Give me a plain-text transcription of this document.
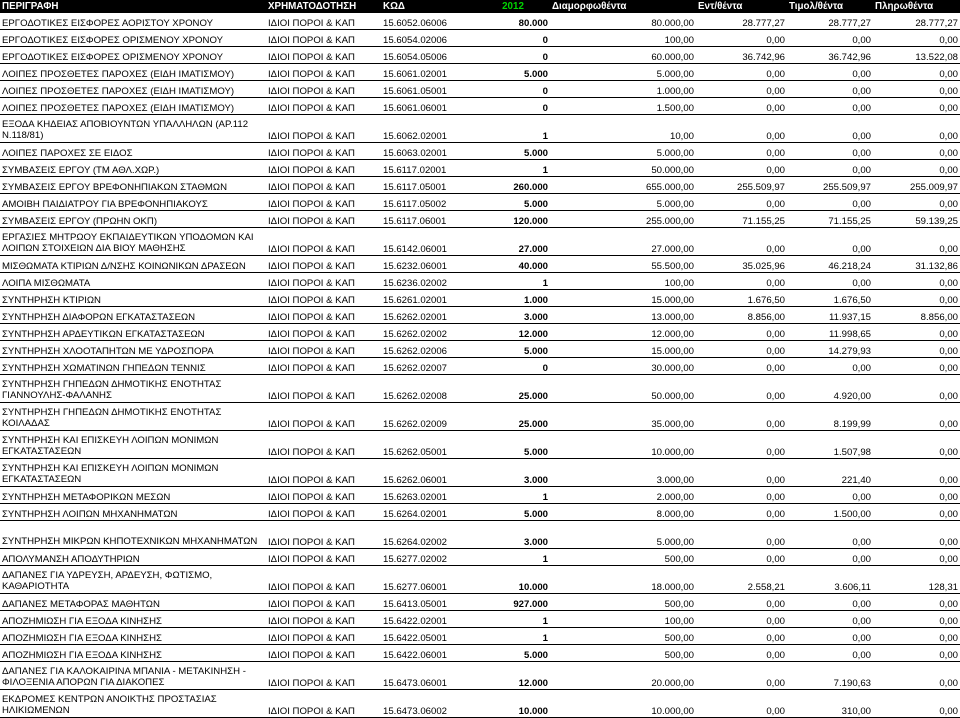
ΠΕΡΙΓΡΑΦΗ	ΧΡΗΜΑΤΟΔΟΤΗΣΗ	ΚΩΔ	2012	Διαμορφωθέντα	Εντ/θέντα	Τιμολ/θέντα	Πληρωθέντα
ΕΡΓΟΔΟΤΙΚΕΣ ΕΙΣΦΟΡΕΣ ΑΟΡΙΣΤΟΥ ΧΡΟΝΟΥ	ΙΔΙΟΙ ΠΟΡΟΙ & ΚΑΠ	15.6052.06006	80.000	80.000,00	28.777,27	28.777,27	28.777,27
ΕΡΓΟΔΟΤΙΚΕΣ ΕΙΣΦΟΡΕΣ ΟΡΙΣΜΕΝΟΥ ΧΡΟΝΟΥ	ΙΔΙΟΙ ΠΟΡΟΙ & ΚΑΠ	15.6054.02006	0	100,00	0,00	0,00	0,00
ΕΡΓΟΔΟΤΙΚΕΣ ΕΙΣΦΟΡΕΣ ΟΡΙΣΜΕΝΟΥ ΧΡΟΝΟΥ	ΙΔΙΟΙ ΠΟΡΟΙ & ΚΑΠ	15.6054.05006	0	60.000,00	36.742,96	36.742,96	13.522,08
ΛΟΙΠΕΣ ΠΡΟΣΘΕΤΕΣ ΠΑΡΟΧΕΣ (ΕΙΔΗ ΙΜΑΤΙΣΜΟΥ)	ΙΔΙΟΙ ΠΟΡΟΙ & ΚΑΠ	15.6061.02001	5.000	5.000,00	0,00	0,00	0,00
ΛΟΙΠΕΣ ΠΡΟΣΘΕΤΕΣ ΠΑΡΟΧΕΣ (ΕΙΔΗ ΙΜΑΤΙΣΜΟΥ)	ΙΔΙΟΙ ΠΟΡΟΙ & ΚΑΠ	15.6061.05001	0	1.000,00	0,00	0,00	0,00
ΛΟΙΠΕΣ ΠΡΟΣΘΕΤΕΣ ΠΑΡΟΧΕΣ (ΕΙΔΗ ΙΜΑΤΙΣΜΟΥ)	ΙΔΙΟΙ ΠΟΡΟΙ & ΚΑΠ	15.6061.06001	0	1.500,00	0,00	0,00	0,00
ΕΞΟΔΑ ΚΗΔΕΙΑΣ ΑΠΟΒΙΟΥΝΤΩΝ ΥΠΑΛΛΗΛΩΝ (ΑΡ.112 Ν.118/81)	ΙΔΙΟΙ ΠΟΡΟΙ & ΚΑΠ	15.6062.02001	1	10,00	0,00	0,00	0,00
ΛΟΙΠΕΣ ΠΑΡΟΧΕΣ ΣΕ ΕΙΔΟΣ	ΙΔΙΟΙ ΠΟΡΟΙ & ΚΑΠ	15.6063.02001	5.000	5.000,00	0,00	0,00	0,00
ΣΥΜΒΑΣΕΙΣ ΕΡΓΟΥ (ΤΜ ΑΘΛ.ΧΩΡ.)	ΙΔΙΟΙ ΠΟΡΟΙ & ΚΑΠ	15.6117.02001	1	50.000,00	0,00	0,00	0,00
ΣΥΜΒΑΣΕΙΣ ΕΡΓΟΥ ΒΡΕΦΟΝΗΠΙΑΚΩΝ ΣΤΑΘΜΩΝ	ΙΔΙΟΙ ΠΟΡΟΙ & ΚΑΠ	15.6117.05001	260.000	655.000,00	255.509,97	255.509,97	255.009,97
ΑΜΟΙΒΗ ΠΑΙΔΙΑΤΡΟΥ ΓΙΑ ΒΡΕΦΟΝΗΠΙΑΚΟΥΣ	ΙΔΙΟΙ ΠΟΡΟΙ & ΚΑΠ	15.6117.05002	5.000	5.000,00	0,00	0,00	0,00
ΣΥΜΒΑΣΕΙΣ ΕΡΓΟΥ (ΠΡΩΗΝ ΟΚΠ)	ΙΔΙΟΙ ΠΟΡΟΙ & ΚΑΠ	15.6117.06001	120.000	255.000,00	71.155,25	71.155,25	59.139,25
ΕΡΓΑΣΙΕΣ ΜΗΤΡΩΟΥ ΕΚΠΑΙΔΕΥΤΙΚΩΝ ΥΠΟΔΟΜΩΝ ΚΑΙ ΛΟΙΠΩΝ ΣΤΟΙΧΕΙΩΝ ΔΙΑ ΒΙΟΥ ΜΑΘΗΣΗΣ	ΙΔΙΟΙ ΠΟΡΟΙ & ΚΑΠ	15.6142.06001	27.000	27.000,00	0,00	0,00	0,00
ΜΙΣΘΩΜΑΤΑ ΚΤΙΡΙΩΝ Δ/ΝΣΗΣ ΚΟΙΝΩΝΙΚΩΝ ΔΡΑΣΕΩΝ	ΙΔΙΟΙ ΠΟΡΟΙ & ΚΑΠ	15.6232.06001	40.000	55.500,00	35.025,96	46.218,24	31.132,86
ΛΟΙΠΑ ΜΙΣΘΩΜΑΤΑ	ΙΔΙΟΙ ΠΟΡΟΙ & ΚΑΠ	15.6236.02002	1	100,00	0,00	0,00	0,00
ΣΥΝΤΗΡΗΣΗ ΚΤΙΡΙΩΝ	ΙΔΙΟΙ ΠΟΡΟΙ & ΚΑΠ	15.6261.02001	1.000	15.000,00	1.676,50	1.676,50	0,00
ΣΥΝΤΗΡΗΣΗ ΔΙΑΦΟΡΩΝ ΕΓΚΑΤΑΣΤΑΣΕΩΝ	ΙΔΙΟΙ ΠΟΡΟΙ & ΚΑΠ	15.6262.02001	3.000	13.000,00	8.856,00	11.937,15	8.856,00
ΣΥΝΤΗΡΗΣΗ ΑΡΔΕΥΤΙΚΩΝ ΕΓΚΑΤΑΣΤΑΣΕΩΝ	ΙΔΙΟΙ ΠΟΡΟΙ & ΚΑΠ	15.6262.02002	12.000	12.000,00	0,00	11.998,65	0,00
ΣΥΝΤΗΡΗΣΗ ΧΛΟΟΤΑΠΗΤΩΝ ΜΕ ΥΔΡΟΣΠΟΡΑ	ΙΔΙΟΙ ΠΟΡΟΙ & ΚΑΠ	15.6262.02006	5.000	15.000,00	0,00	14.279,93	0,00
ΣΥΝΤΗΡΗΣΗ ΧΩΜΑΤΙΝΩΝ ΓΗΠΕΔΩΝ ΤΕΝΝΙΣ	ΙΔΙΟΙ ΠΟΡΟΙ & ΚΑΠ	15.6262.02007	0	30.000,00	0,00	0,00	0,00
ΣΥΝΤΗΡΗΣΗ ΓΗΠΕΔΩΝ ΔΗΜΟΤΙΚΗΣ ΕΝΟΤΗΤΑΣ ΓΙΑΝΝΟΥΛΗΣ-ΦΑΛΑΝΗΣ	ΙΔΙΟΙ ΠΟΡΟΙ & ΚΑΠ	15.6262.02008	25.000	50.000,00	0,00	4.920,00	0,00
ΣΥΝΤΗΡΗΣΗ ΓΗΠΕΔΩΝ ΔΗΜΟΤΙΚΗΣ ΕΝΟΤΗΤΑΣ ΚΟΙΛΑΔΑΣ	ΙΔΙΟΙ ΠΟΡΟΙ & ΚΑΠ	15.6262.02009	25.000	35.000,00	0,00	8.199,99	0,00
ΣΥΝΤΗΡΗΣΗ ΚΑΙ ΕΠΙΣΚΕΥΗ ΛΟΙΠΩΝ ΜΟΝΙΜΩΝ ΕΓΚΑΤΑΣΤΑΣΕΩΝ	ΙΔΙΟΙ ΠΟΡΟΙ & ΚΑΠ	15.6262.05001	5.000	10.000,00	0,00	1.507,98	0,00
ΣΥΝΤΗΡΗΣΗ ΚΑΙ ΕΠΙΣΚΕΥΗ ΛΟΙΠΩΝ ΜΟΝΙΜΩΝ ΕΓΚΑΤΑΣΤΑΣΕΩΝ	ΙΔΙΟΙ ΠΟΡΟΙ & ΚΑΠ	15.6262.06001	3.000	3.000,00	0,00	221,40	0,00
ΣΥΝΤΗΡΗΣΗ ΜΕΤΑΦΟΡΙΚΩΝ ΜΕΣΩΝ	ΙΔΙΟΙ ΠΟΡΟΙ & ΚΑΠ	15.6263.02001	1	2.000,00	0,00	0,00	0,00
ΣΥΝΤΗΡΗΣΗ ΛΟΙΠΩΝ ΜΗΧΑΝΗΜΑΤΩΝ	ΙΔΙΟΙ ΠΟΡΟΙ & ΚΑΠ	15.6264.02001	5.000	8.000,00	0,00	1.500,00	0,00
ΣΥΝΤΗΡΗΣΗ ΜΙΚΡΩΝ ΚΗΠΟΤΕΧΝΙΚΩΝ ΜΗΧΑΝΗΜΑΤΩΝ	ΙΔΙΟΙ ΠΟΡΟΙ & ΚΑΠ	15.6264.02002	3.000	5.000,00	0,00	0,00	0,00
ΑΠΟΛΥΜΑΝΣΗ ΑΠΟΔΥΤΗΡΙΩΝ	ΙΔΙΟΙ ΠΟΡΟΙ & ΚΑΠ	15.6277.02002	1	500,00	0,00	0,00	0,00
ΔΑΠΑΝΕΣ ΓΙΑ ΥΔΡΕΥΣΗ, ΑΡΔΕΥΣΗ, ΦΩΤΙΣΜΟ, ΚΑΘΑΡΙΟΤΗΤΑ	ΙΔΙΟΙ ΠΟΡΟΙ & ΚΑΠ	15.6277.06001	10.000	18.000,00	2.558,21	3.606,11	128,31
ΔΑΠΑΝΕΣ ΜΕΤΑΦΟΡΑΣ ΜΑΘΗΤΩΝ	ΙΔΙΟΙ ΠΟΡΟΙ & ΚΑΠ	15.6413.05001	927.000	500,00	0,00	0,00	0,00
ΑΠΟΖΗΜΙΩΣΗ ΓΙΑ ΕΞΟΔΑ ΚΙΝΗΣΗΣ	ΙΔΙΟΙ ΠΟΡΟΙ & ΚΑΠ	15.6422.02001	1	100,00	0,00	0,00	0,00
ΑΠΟΖΗΜΙΩΣΗ ΓΙΑ ΕΞΟΔΑ ΚΙΝΗΣΗΣ	ΙΔΙΟΙ ΠΟΡΟΙ & ΚΑΠ	15.6422.05001	1	500,00	0,00	0,00	0,00
ΑΠΟΖΗΜΙΩΣΗ ΓΙΑ ΕΞΟΔΑ ΚΙΝΗΣΗΣ	ΙΔΙΟΙ ΠΟΡΟΙ & ΚΑΠ	15.6422.06001	5.000	500,00	0,00	0,00	0,00
ΔΑΠΑΝΕΣ ΓΙΑ ΚΑΛΟΚΑΙΡΙΝΑ ΜΠΑΝΙΑ - ΜΕΤΑΚΙΝΗΣΗ - ΦΙΛΟΞΕΝΙΑ ΑΠΟΡΩΝ ΓΙΑ ΔΙΑΚΟΠΕΣ	ΙΔΙΟΙ ΠΟΡΟΙ & ΚΑΠ	15.6473.06001	12.000	20.000,00	0,00	7.190,63	0,00
ΕΚΔΡΟΜΕΣ ΚΕΝΤΡΩΝ ΑΝΟΙΚΤΗΣ ΠΡΟΣΤΑΣΙΑΣ ΗΛΙΚΙΩΜΕΝΩΝ	ΙΔΙΟΙ ΠΟΡΟΙ & ΚΑΠ	15.6473.06002	10.000	10.000,00	0,00	310,00	0,00
